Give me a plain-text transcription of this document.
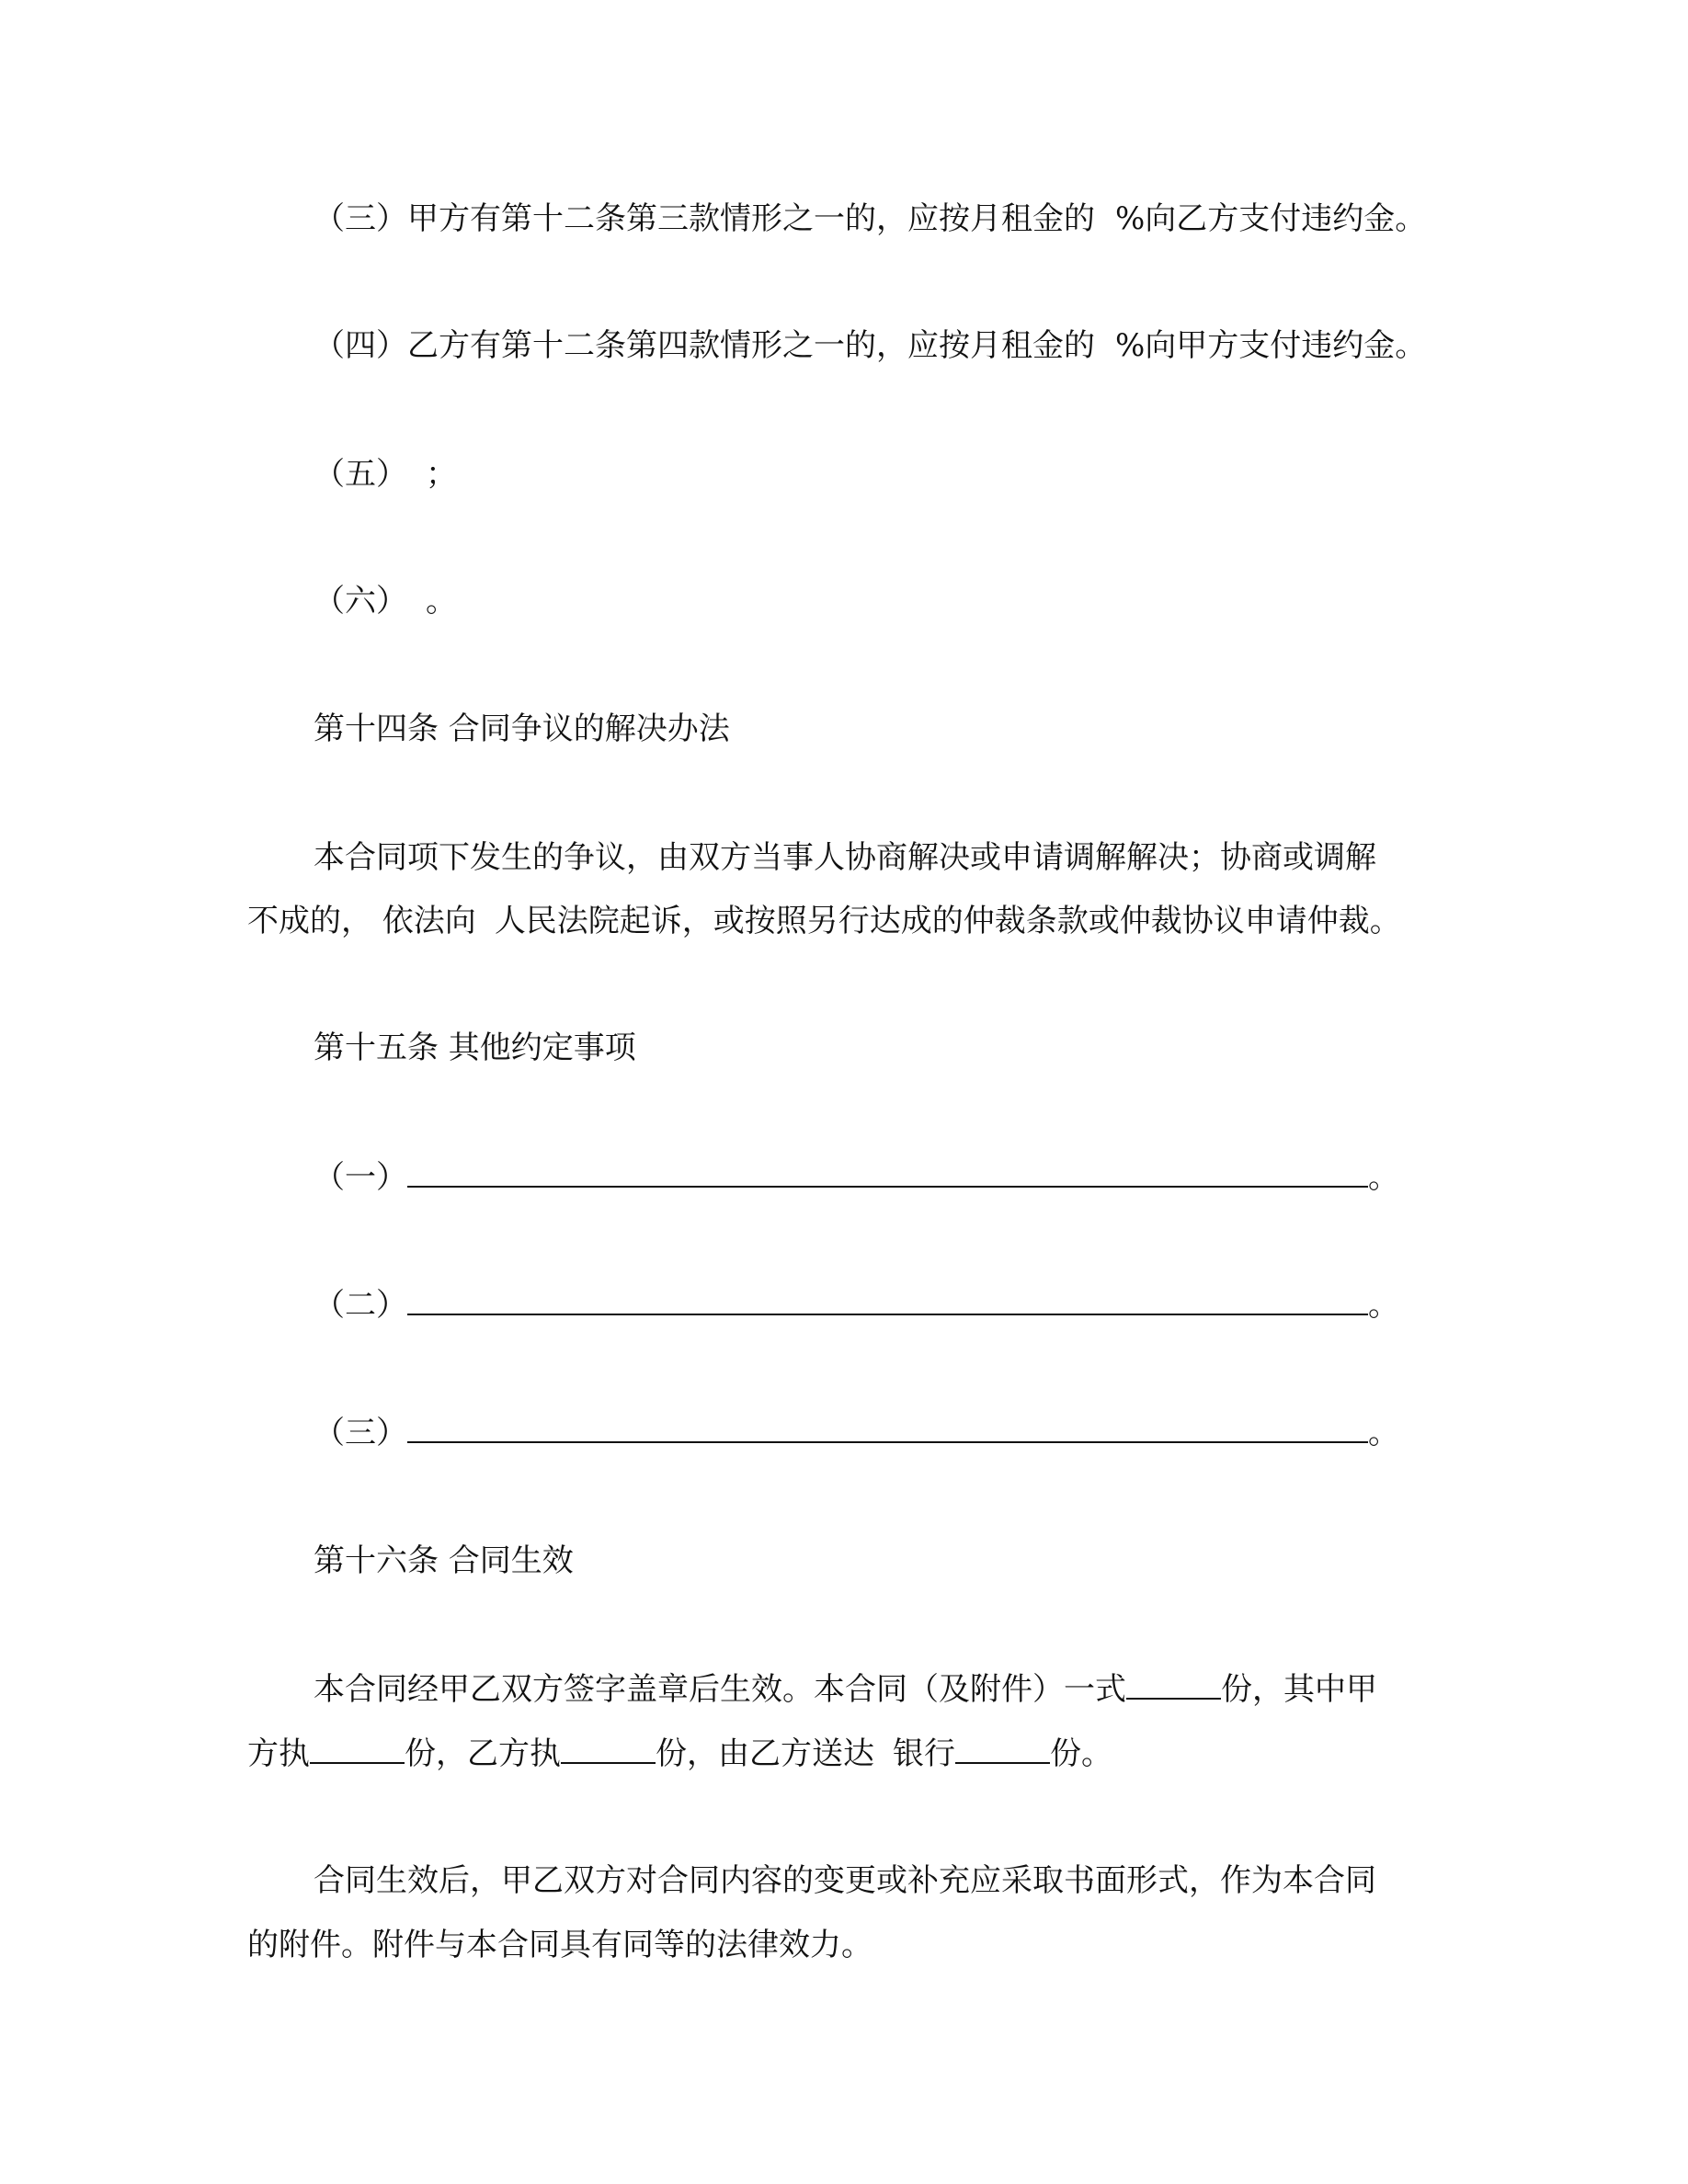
（三）甲方有第十二条第三款情形之一的，应按月租金的 %向乙方支付违约金。

（四）乙方有第十二条第四款情形之一的，应按月租金的 %向甲方支付违约金。

（五） ；

（六） 。

第十四条 合同争议的解决办法

本合同项下发生的争议，由双方当事人协商解决或申请调解解决；协商或调解

不成的， 依法向 人民法院起诉，或按照另行达成的仲裁条款或仲裁协议申请仲裁。

第十五条 其他约定事项

（一）	。

（二）	。

（三）	。

第十六条 合同生效

本合同经甲乙双方签字盖章后生效。本合同（及附件）一式	份，其中甲

方执	份，乙方执	份，由乙方送达 银行	份。

合同生效后，甲乙双方对合同内容的变更或补充应采取书面形式，作为本合同

的附件。附件与本合同具有同等的法律效力。
